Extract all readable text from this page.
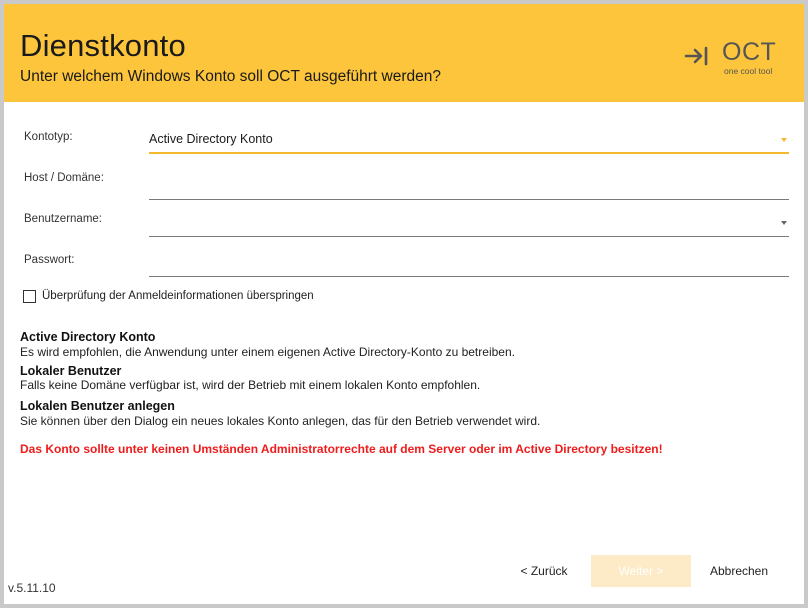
Dienstkonto
Unter welchem Windows Konto soll OCT ausgeführt werden?
OCT
one cool tool
Kontotyp:	Active Directory Konto
Host / Domäne:
Benutzername:
Passwort:
Überprüfung der Anmeldeinformationen überspringen
Active Directory Konto
Es wird empfohlen, die Anwendung unter einem eigenen Active Directory-Konto zu betreiben.
Lokaler Benutzer
Falls keine Domäne verfügbar ist, wird der Betrieb mit einem lokalen Konto empfohlen.
Lokalen Benutzer anlegen
Sie können über den Dialog ein neues lokales Konto anlegen, das für den Betrieb verwendet wird.
Das Konto sollte unter keinen Umständen Administratorrechte auf dem Server oder im Active Directory besitzen!
v.5.11.10
< Zurück	Weiter >	Abbrechen
